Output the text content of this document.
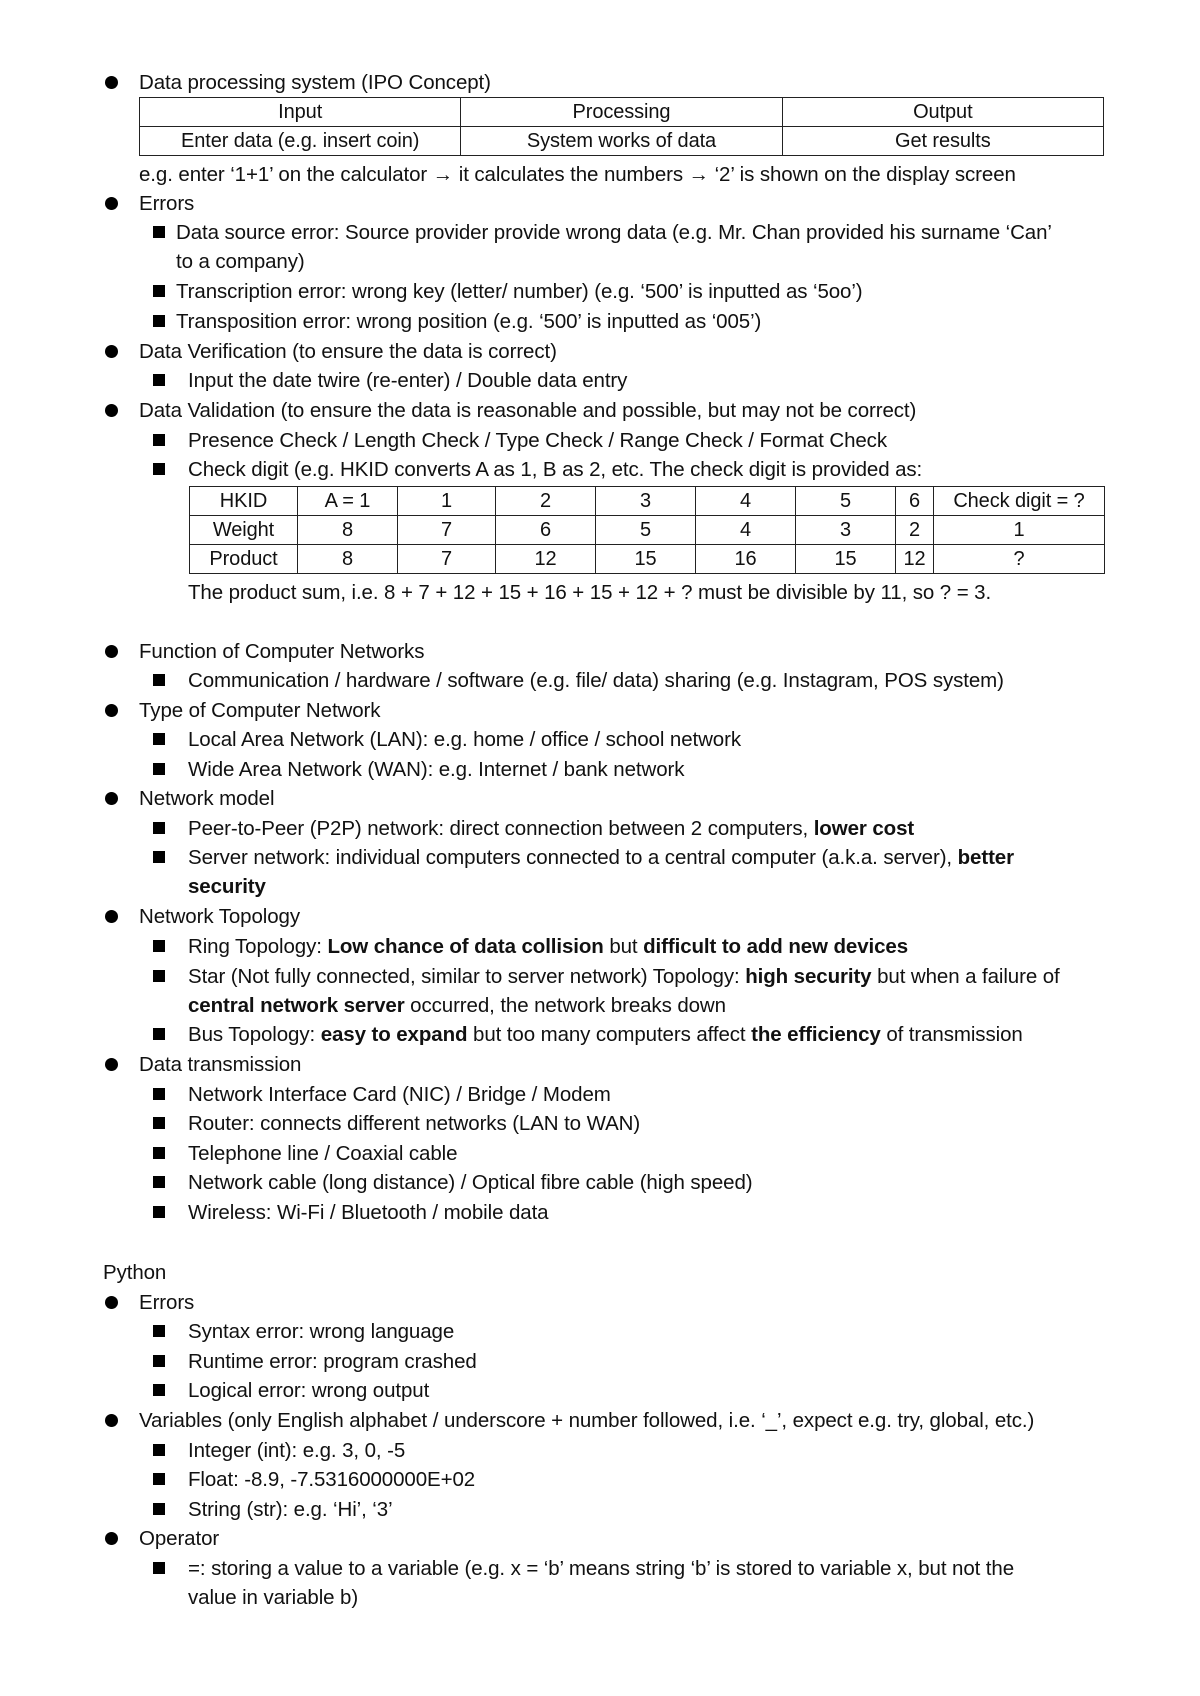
Data processing system (IPO Concept)
Input	Processing	Output
Enter data (e.g. insert coin)	System works of data	Get results
e.g. enter ‘1+1’ on the calculator → it calculates the numbers → ‘2’ is shown on the display screen
Errors
Data source error: Source provider provide wrong data (e.g. Mr. Chan provided his surname ‘Can’
to a company)
Transcription error: wrong key (letter/ number) (e.g. ‘500’ is inputted as ‘5oo’)
Transposition error: wrong position (e.g. ‘500’ is inputted as ‘005’)
Data Verification (to ensure the data is correct)
Input the date twire (re-enter) / Double data entry
Data Validation (to ensure the data is reasonable and possible, but may not be correct)
Presence Check / Length Check / Type Check / Range Check / Format Check
Check digit (e.g. HKID converts A as 1, B as 2, etc. The check digit is provided as:
HKID	A = 1	1	2	3	4	5	6	Check digit = ?
Weight	8	7	6	5	4	3	2	1
Product	8	7	12	15	16	15	12	?
The product sum, i.e. 8 + 7 + 12 + 15 + 16 + 15 + 12 + ? must be divisible by 11, so ? = 3.
Function of Computer Networks
Communication / hardware / software (e.g. file/ data) sharing (e.g. Instagram, POS system)
Type of Computer Network
Local Area Network (LAN): e.g. home / office / school network
Wide Area Network (WAN): e.g. Internet / bank network
Network model
Peer-to-Peer (P2P) network: direct connection between 2 computers, lower cost
Server network: individual computers connected to a central computer (a.k.a. server), better
security
Network Topology
Ring Topology: Low chance of data collision but difficult to add new devices
Star (Not fully connected, similar to server network) Topology: high security but when a failure of
central network server occurred, the network breaks down
Bus Topology: easy to expand but too many computers affect the efficiency of transmission
Data transmission
Network Interface Card (NIC) / Bridge / Modem
Router: connects different networks (LAN to WAN)
Telephone line / Coaxial cable
Network cable (long distance) / Optical fibre cable (high speed)
Wireless: Wi-Fi / Bluetooth / mobile data
Python
Errors
Syntax error: wrong language
Runtime error: program crashed
Logical error: wrong output
Variables (only English alphabet / underscore + number followed, i.e. ‘_’, expect e.g. try, global, etc.)
Integer (int): e.g. 3, 0, -5
Float: -8.9, -7.5316000000E+02
String (str): e.g. ‘Hi’, ‘3’
Operator
=: storing a value to a variable (e.g. x = ‘b’ means string ‘b’ is stored to variable x, but not the
value in variable b)
